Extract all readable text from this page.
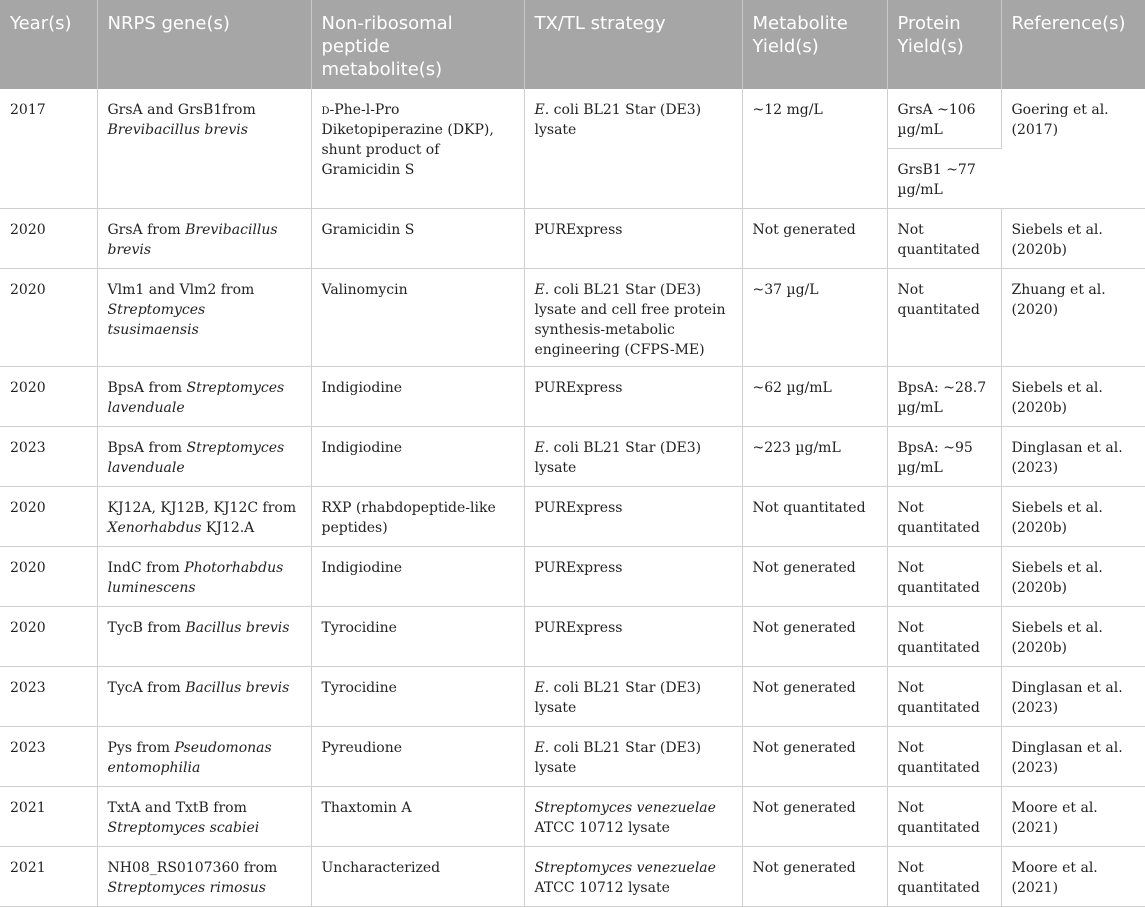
Year(s)	NRPS gene(s)	Non-ribosomal peptide metabolite(s)	TX/TL strategy	Metabolite Yield(s)	Protein Yield(s)	Reference(s)
2017	GrsA and GrsB1from Brevibacillus brevis	d-Phe-l-Pro Diketopiperazine (DKP), shunt product of Gramicidin S	E. coli BL21 Star (DE3) lysate	~12 mg/L	GrsA ~106 µg/mL	Goering et al. (2017)
					GrsB1 ~77 µg/mL	
2020	GrsA from Brevibacillus brevis	Gramicidin S	PURExpress	Not generated	Not quantitated	Siebels et al. (2020b)
2020	Vlm1 and Vlm2 from Streptomyces tsusimaensis	Valinomycin	E. coli BL21 Star (DE3) lysate and cell free protein synthesis-metabolic engineering (CFPS-ME)	~37 µg/L	Not quantitated	Zhuang et al. (2020)
2020	BpsA from Streptomyces lavenduale	Indigiodine	PURExpress	~62 µg/mL	BpsA: ~28.7 µg/mL	Siebels et al. (2020b)
2023	BpsA from Streptomyces lavenduale	Indigiodine	E. coli BL21 Star (DE3) lysate	~223 µg/mL	BpsA: ~95 µg/mL	Dinglasan et al. (2023)
2020	KJ12A, KJ12B, KJ12C from Xenorhabdus KJ12.A	RXP (rhabdopeptide-like peptides)	PURExpress	Not quantitated	Not quantitated	Siebels et al. (2020b)
2020	IndC from Photorhabdus luminescens	Indigiodine	PURExpress	Not generated	Not quantitated	Siebels et al. (2020b)
2020	TycB from Bacillus brevis	Tyrocidine	PURExpress	Not generated	Not quantitated	Siebels et al. (2020b)
2023	TycA from Bacillus brevis	Tyrocidine	E. coli BL21 Star (DE3) lysate	Not generated	Not quantitated	Dinglasan et al. (2023)
2023	Pys from Pseudomonas entomophilia	Pyreudione	E. coli BL21 Star (DE3) lysate	Not generated	Not quantitated	Dinglasan et al. (2023)
2021	TxtA and TxtB from Streptomyces scabiei	Thaxtomin A	Streptomyces venezuelae ATCC 10712 lysate	Not generated	Not quantitated	Moore et al. (2021)
2021	NH08_RS0107360 from Streptomyces rimosus	Uncharacterized	Streptomyces venezuelae ATCC 10712 lysate	Not generated	Not quantitated	Moore et al. (2021)
